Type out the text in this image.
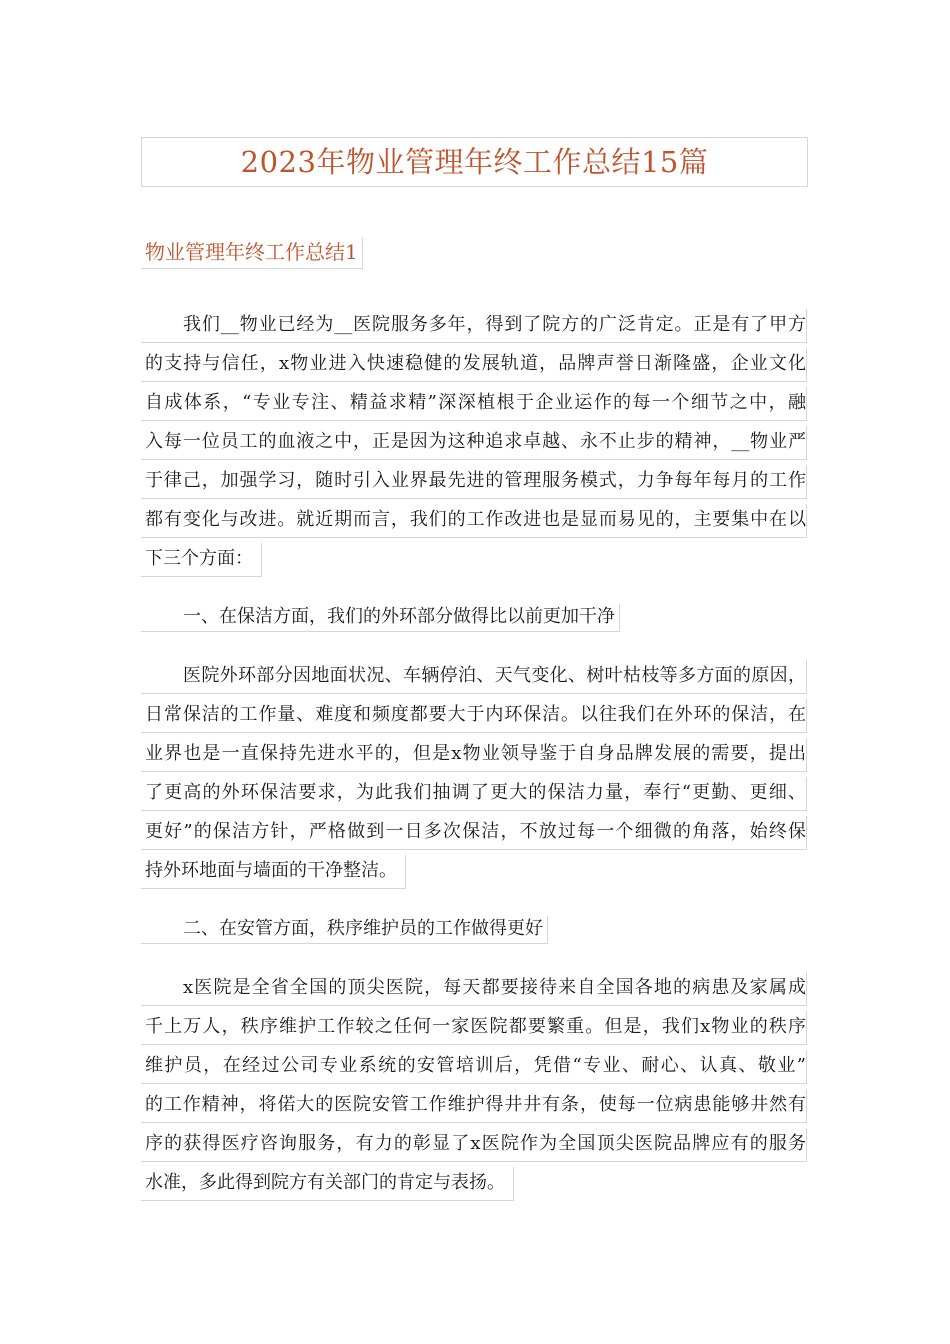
2023年物业管理年终工作总结15篇
物业管理年终工作总结1
我们__物业已经为__医院服务多年，得到了院方的广泛肯定。正是有了甲方
的支持与信任，x物业进入快速稳健的发展轨道，品牌声誉日渐隆盛，企业文化
自成体系，“专业专注、精益求精”深深植根于企业运作的每一个细节之中，融
入每一位员工的血液之中，正是因为这种追求卓越、永不止步的精神，__物业严
于律己，加强学习，随时引入业界最先进的管理服务模式，力争每年每月的工作
都有变化与改进。就近期而言，我们的工作改进也是显而易见的，主要集中在以
下三个方面：
一、在保洁方面，我们的外环部分做得比以前更加干净
医院外环部分因地面状况、车辆停泊、天气变化、树叶枯枝等多方面的原因，
日常保洁的工作量、难度和频度都要大于内环保洁。以往我们在外环的保洁，在
业界也是一直保持先进水平的，但是x物业领导鉴于自身品牌发展的需要，提出
了更高的外环保洁要求，为此我们抽调了更大的保洁力量，奉行“更勤、更细、
更好”的保洁方针，严格做到一日多次保洁，不放过每一个细微的角落，始终保
持外环地面与墙面的干净整洁。
二、在安管方面，秩序维护员的工作做得更好
x医院是全省全国的顶尖医院，每天都要接待来自全国各地的病患及家属成
千上万人，秩序维护工作较之任何一家医院都要繁重。但是，我们x物业的秩序
维护员，在经过公司专业系统的安管培训后，凭借“专业、耐心、认真、敬业”
的工作精神，将偌大的医院安管工作维护得井井有条，使每一位病患能够井然有
序的获得医疗咨询服务，有力的彰显了x医院作为全国顶尖医院品牌应有的服务
水准，多此得到院方有关部门的肯定与表扬。
